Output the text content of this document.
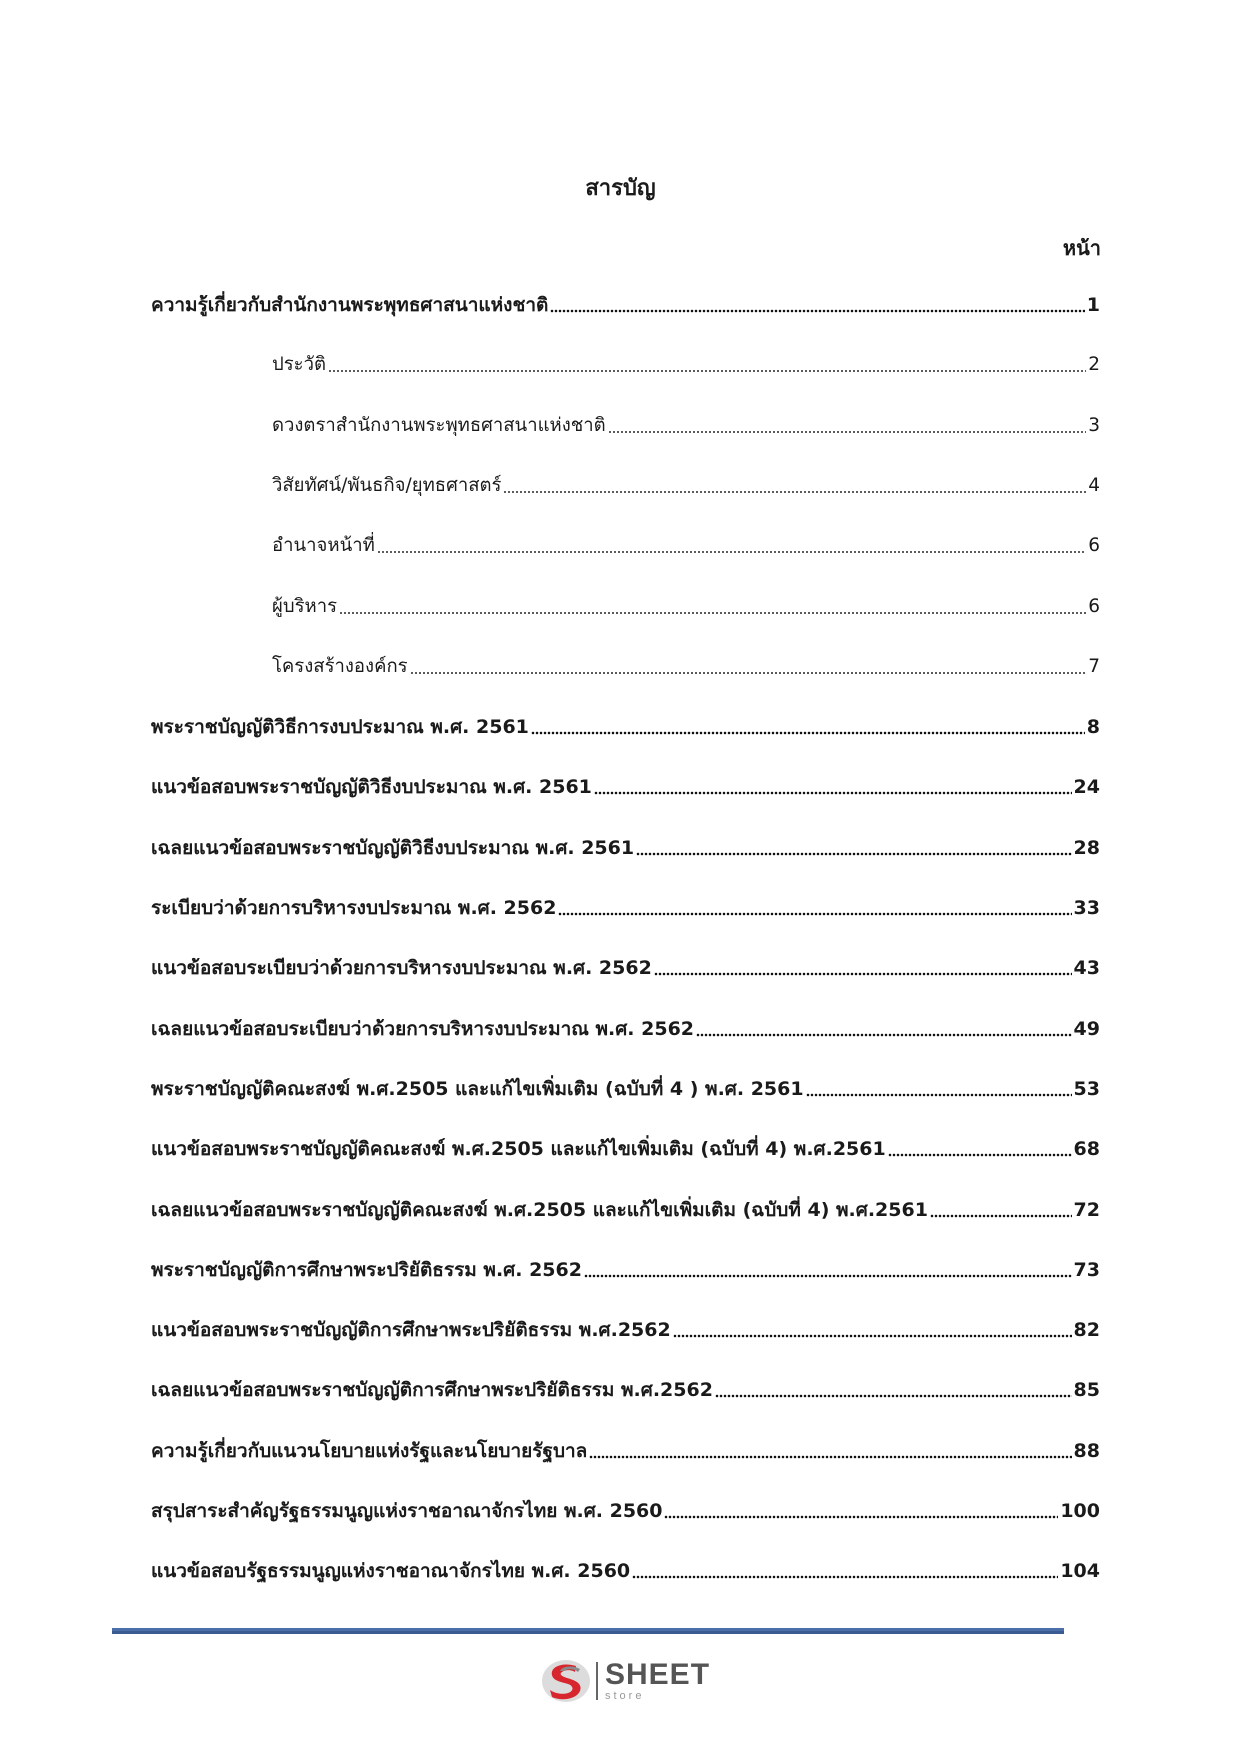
สารบัญ
หน้า
ความรู้เกี่ยวกับสำนักงานพระพุทธศาสนาแห่งชาติ	1
ประวัติ	2
ดวงตราสำนักงานพระพุทธศาสนาแห่งชาติ	3
วิสัยทัศน์/พันธกิจ/ยุทธศาสตร์	4
อำนาจหน้าที่	6
ผู้บริหาร	6
โครงสร้างองค์กร	7
พระราชบัญญัติวิธีการงบประมาณ พ.ศ. 2561	8
แนวข้อสอบพระราชบัญญัติวิธีงบประมาณ พ.ศ. 2561	24
เฉลยแนวข้อสอบพระราชบัญญัติวิธีงบประมาณ พ.ศ. 2561	28
ระเบียบว่าด้วยการบริหารงบประมาณ พ.ศ. 2562	33
แนวข้อสอบระเบียบว่าด้วยการบริหารงบประมาณ พ.ศ. 2562	43
เฉลยแนวข้อสอบระเบียบว่าด้วยการบริหารงบประมาณ พ.ศ. 2562	49
พระราชบัญญัติคณะสงฆ์ พ.ศ.2505 และแก้ไขเพิ่มเติม (ฉบับที่ 4 ) พ.ศ. 2561	53
แนวข้อสอบพระราชบัญญัติคณะสงฆ์ พ.ศ.2505 และแก้ไขเพิ่มเติม (ฉบับที่ 4) พ.ศ.2561	68
เฉลยแนวข้อสอบพระราชบัญญัติคณะสงฆ์ พ.ศ.2505 และแก้ไขเพิ่มเติม (ฉบับที่ 4) พ.ศ.2561	72
พระราชบัญญัติการศึกษาพระปริยัติธรรม พ.ศ. 2562	73
แนวข้อสอบพระราชบัญญัติการศึกษาพระปริยัติธรรม พ.ศ.2562	82
เฉลยแนวข้อสอบพระราชบัญญัติการศึกษาพระปริยัติธรรม พ.ศ.2562	85
ความรู้เกี่ยวกับแนวนโยบายแห่งรัฐและนโยบายรัฐบาล	88
สรุปสาระสำคัญรัฐธรรมนูญแห่งราชอาณาจักรไทย พ.ศ. 2560	100
แนวข้อสอบรัฐธรรมนูญแห่งราชอาณาจักรไทย พ.ศ. 2560	104
SHEET
store
